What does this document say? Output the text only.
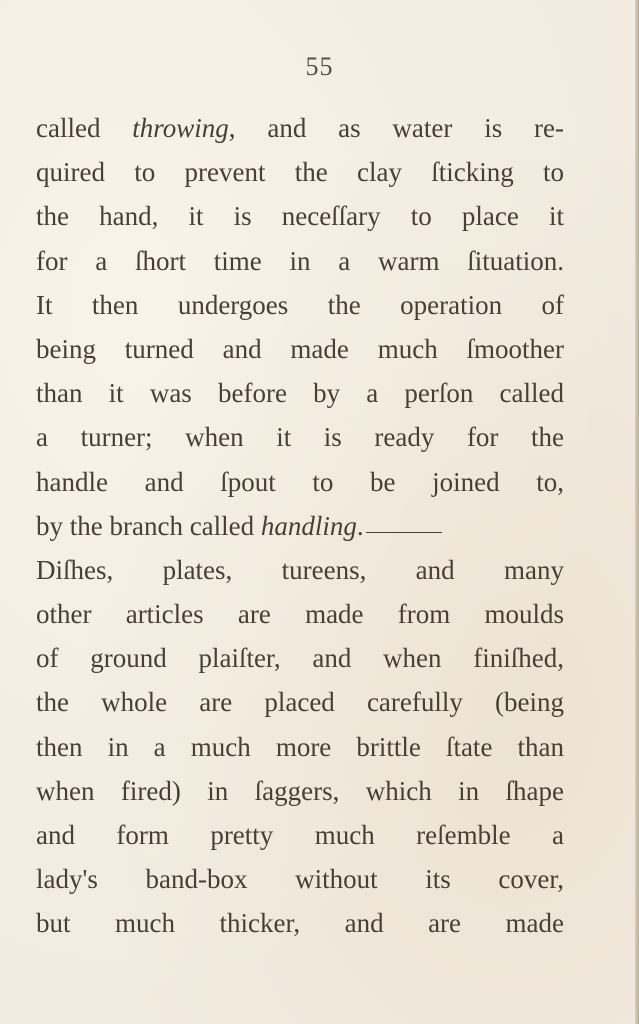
55
called throwing, and as water is re-
quired to prevent the clay ſticking to
the hand, it is neceſſary to place it
for a ſhort time in a warm ſituation.
It then undergoes the operation of
being turned and made much ſmoother
than it was before by a perſon called
a turner; when it is ready for the
handle and ſpout to be joined to,
by the branch called handling.
Diſhes, plates, tureens, and many
other articles are made from moulds
of ground plaiſter, and when finiſhed,
the whole are placed carefully (being
then in a much more brittle ſtate than
when fired) in ſaggers, which in ſhape
and form pretty much reſemble a
lady's band-box without its cover,
but much thicker, and are made
